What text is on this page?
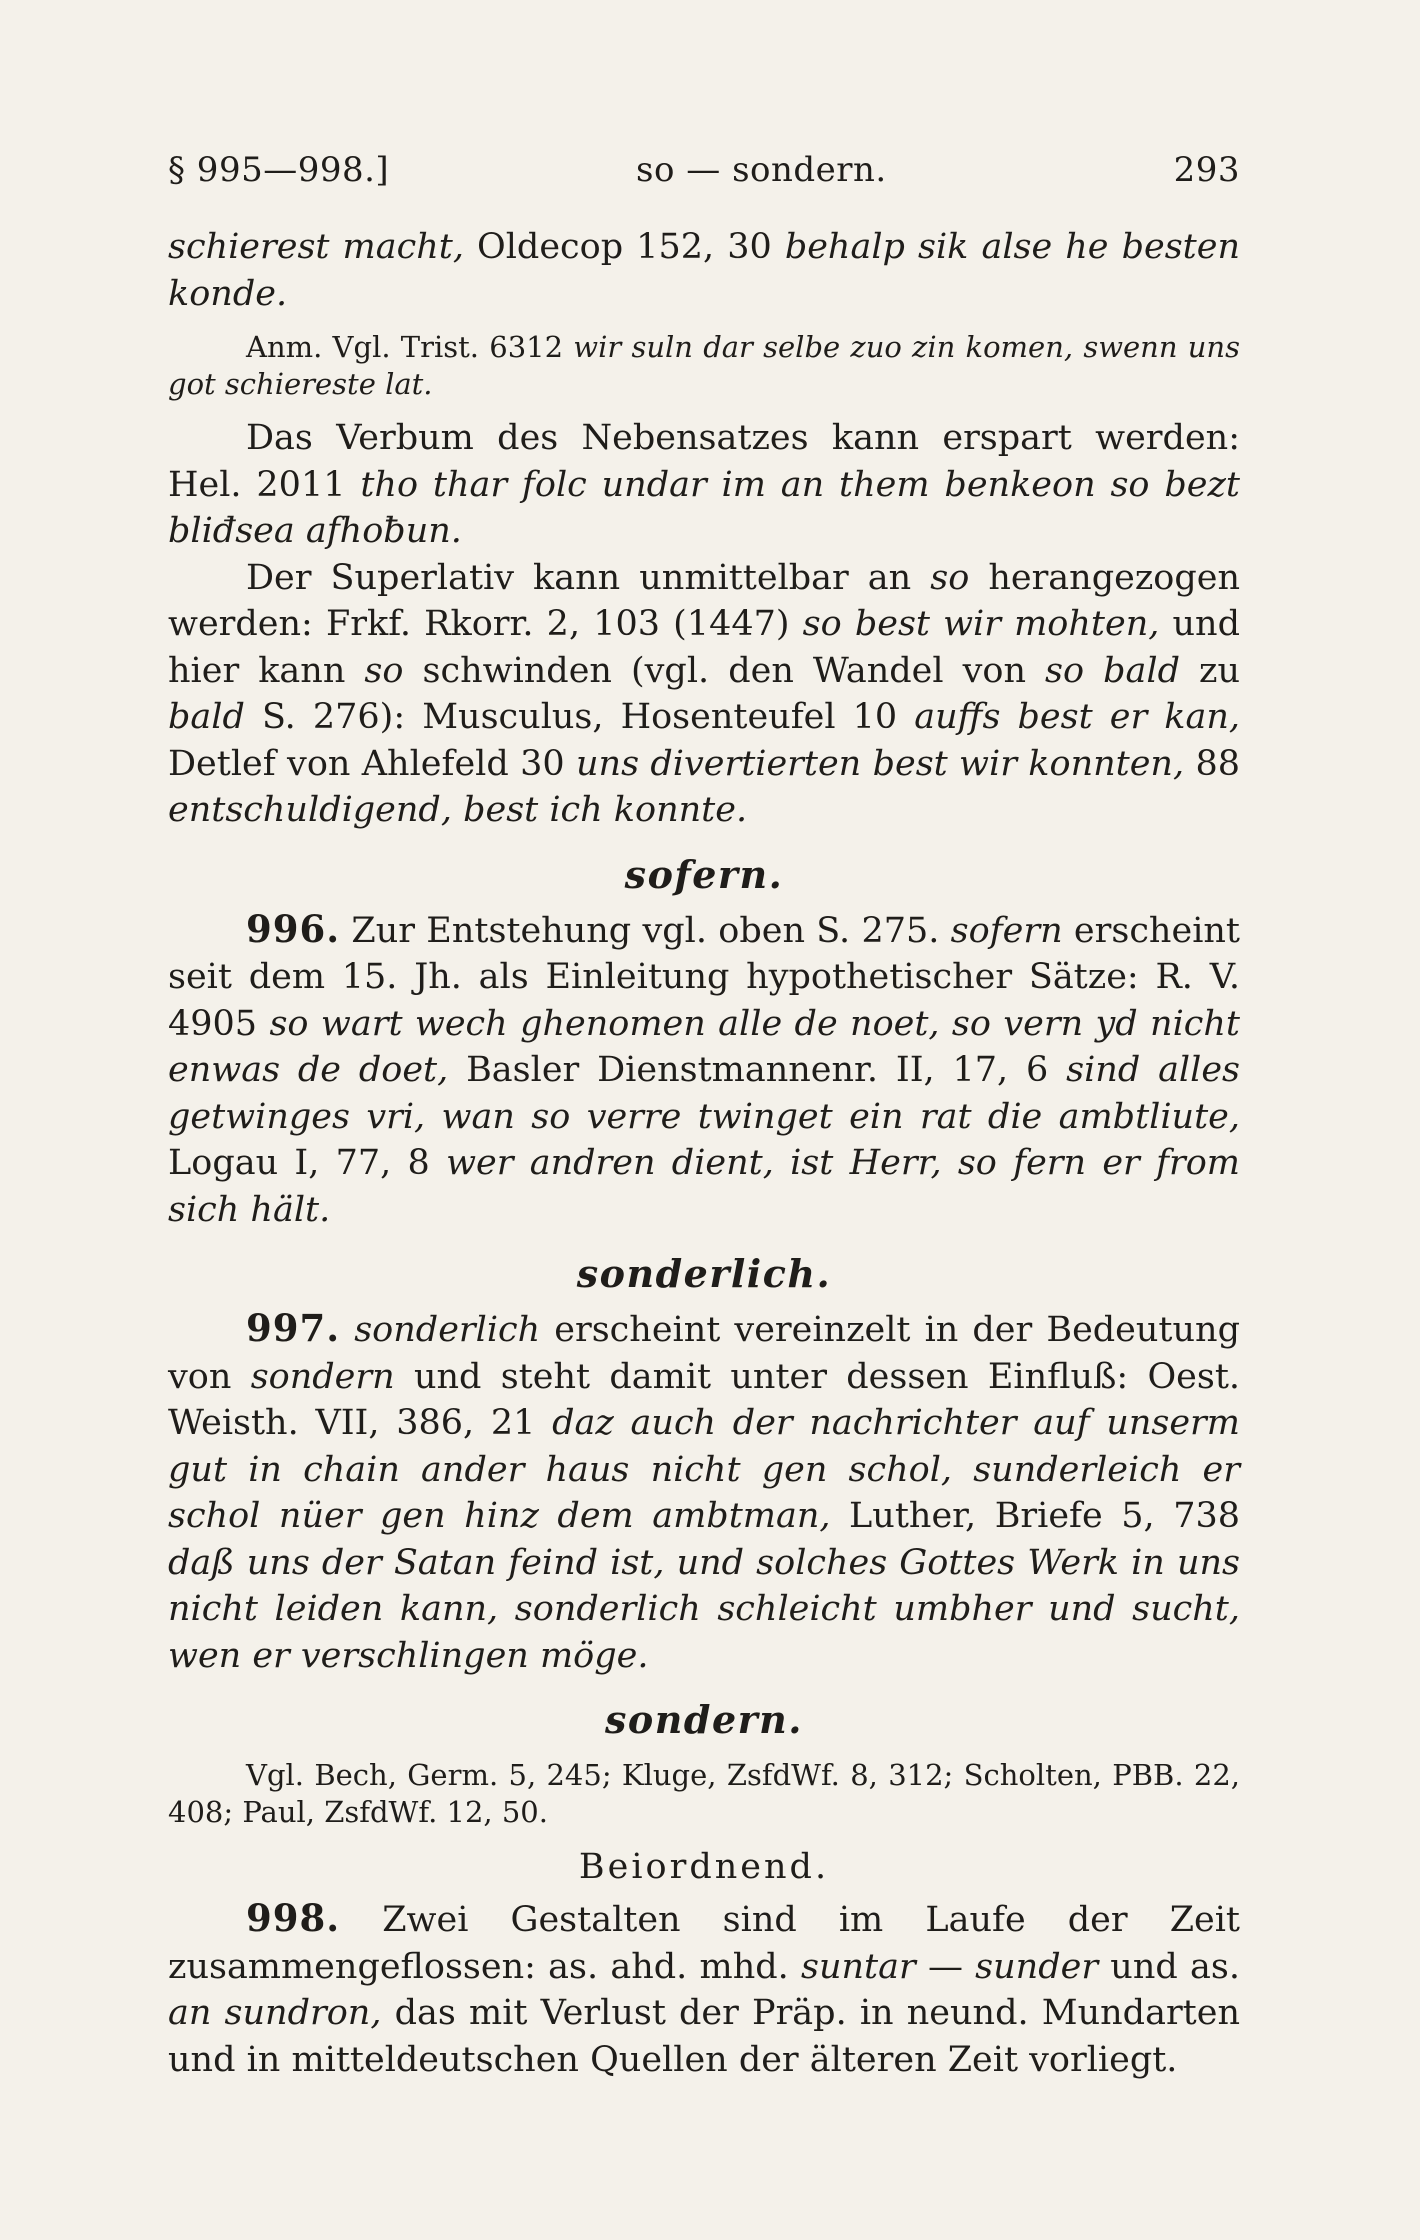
§ 995—998.]	so — sondern.	293

schierest macht, Oldecop 152, 30 behalp sik alse he besten konde.

Anm. Vgl. Trist. 6312 wir suln dar selbe zuo zin komen, swenn uns got schiereste lat.

Das Verbum des Nebensatzes kann erspart werden: Hel. 2011 tho thar folc undar im an them benkeon so bezt bliđsea afhoƀun.

Der Superlativ kann unmittelbar an so herangezogen werden: Frkf. Rkorr. 2, 103 (1447) so best wir mohten, und hier kann so schwinden (vgl. den Wandel von so bald zu bald S. 276): Musculus, Hosenteufel 10 auffs best er kan, Detlef von Ahlefeld 30 uns divertierten best wir konnten, 88 entschuldigend, best ich konnte.

sofern.

996. Zur Entstehung vgl. oben S. 275. sofern erscheint seit dem 15. Jh. als Einleitung hypothetischer Sätze: R. V. 4905 so wart wech ghenomen alle de noet, so vern yd nicht enwas de doet, Basler Dienstmannenr. II, 17, 6 sind alles getwinges vri, wan so verre twinget ein rat die ambtliute, Logau I, 77, 8 wer andren dient, ist Herr, so fern er from sich hält.

sonderlich.

997. sonderlich erscheint vereinzelt in der Bedeutung von sondern und steht damit unter dessen Einfluß: Oest. Weisth. VII, 386, 21 daz auch der nachrichter auf unserm gut in chain ander haus nicht gen schol, sunderleich er schol nüer gen hinz dem ambtman, Luther, Briefe 5, 738 daß uns der Satan feind ist, und solches Gottes Werk in uns nicht leiden kann, sonderlich schleicht umbher und sucht, wen er verschlingen möge.

sondern.

Vgl. Bech, Germ. 5, 245; Kluge, ZsfdWf. 8, 312; Scholten, PBB. 22, 408; Paul, ZsfdWf. 12, 50.

Beiordnend.

998. Zwei Gestalten sind im Laufe der Zeit zusammengeflossen: as. ahd. mhd. suntar — sunder und as. an sundron, das mit Verlust der Präp. in neund. Mundarten und in mitteldeutschen Quellen der älteren Zeit vorliegt.
